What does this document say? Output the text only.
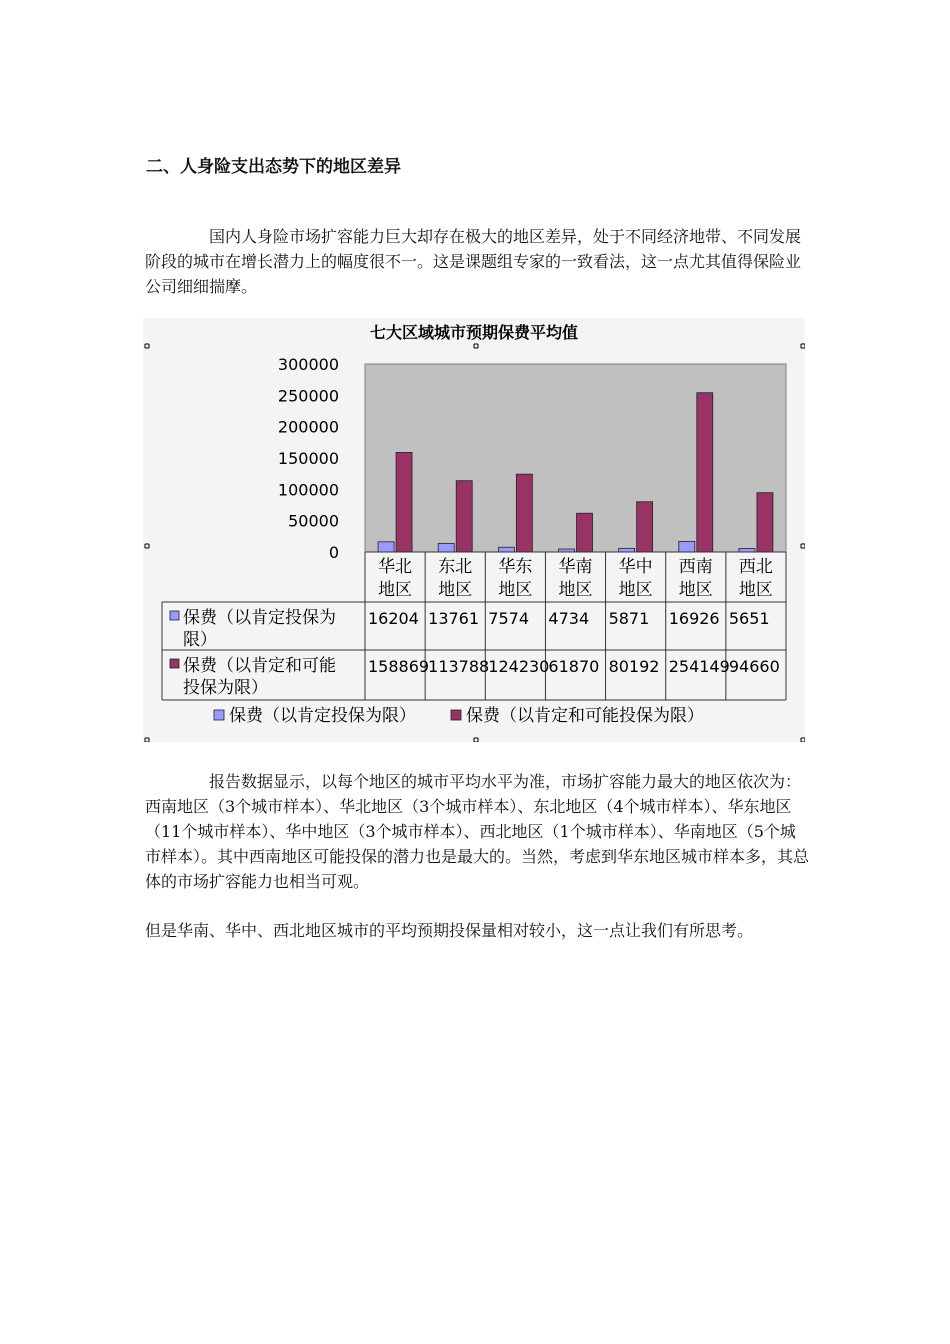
二、人身险支出态势下的地区差异

国内人身险市场扩容能力巨大却存在极大的地区差异，处于不同经济地带、不同发展阶段的城市在增长潜力上的幅度很不一。这是课题组专家的一致看法，这一点尤其值得保险业公司细细揣摩。

七大区域城市预期保费平均值
0
50000
100000
150000
200000
250000
300000
华北
地区
东北
地区
华东
地区
华南
地区
华中
地区
西南
地区
西北
地区
保费（以肯定投保为
限）
16204 13761 7574 4734 5871 16926 5651
保费（以肯定和可能
投保为限）
158869 113788 124230 61870 80192 254149 94660
保费（以肯定投保为限）	保费（以肯定和可能投保为限）

报告数据显示，以每个地区的城市平均水平为准，市场扩容能力最大的地区依次为：西南地区（3个城市样本）、华北地区（3个城市样本）、东北地区（4个城市样本）、华东地区（11个城市样本）、华中地区（3个城市样本）、西北地区（1个城市样本）、华南地区（5个城市样本）。其中西南地区可能投保的潜力也是最大的。当然，考虑到华东地区城市样本多，其总体的市场扩容能力也相当可观。

但是华南、华中、西北地区城市的平均预期投保量相对较小，这一点让我们有所思考。
